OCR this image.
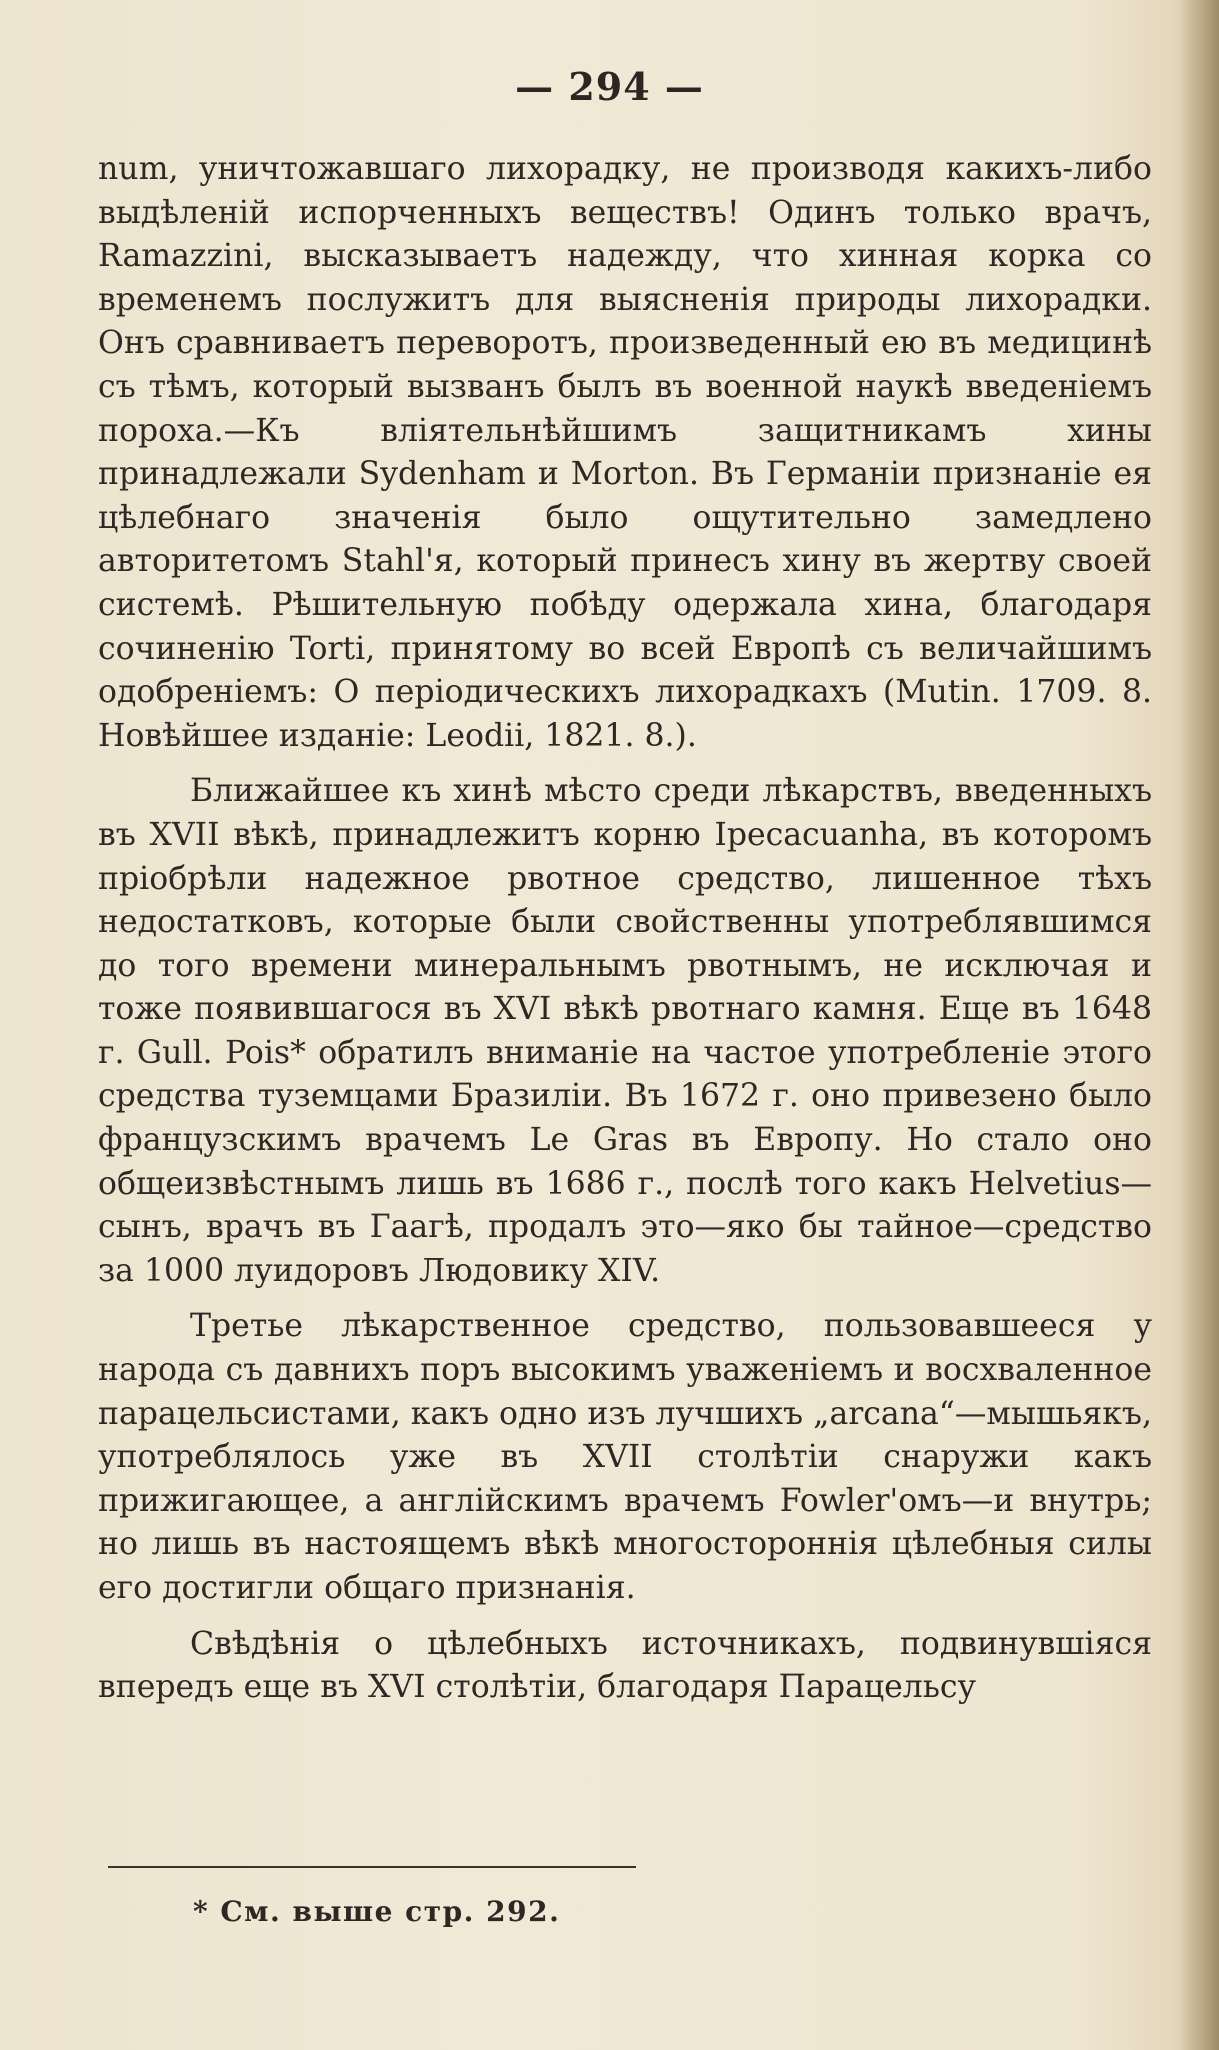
— 294 —

num, уничтожавшаго лихорадку, не производя какихъ-либо выдѣленій испорченныхъ веществъ! Одинъ только врачъ, Ramazzini, высказываетъ надежду, что хинная корка со временемъ послужитъ для выясненія природы лихорадки. Онъ сравниваетъ переворотъ, произведенный ею въ медицинѣ съ тѣмъ, который вызванъ былъ въ военной наукѣ введеніемъ пороха.—Къ вліятельнѣйшимъ защитникамъ хины принадлежали Sydenham и Morton. Въ Германіи признаніе ея цѣлебнаго значенія было ощутительно замедлено авторитетомъ Stahl'я, который принесъ хину въ жертву своей системѣ. Рѣшительную побѣду одержала хина, благодаря сочиненію Torti, принятому во всей Европѣ съ величайшимъ одобреніемъ: О періодическихъ лихорадкахъ (Mutin. 1709. 8. Новѣйшее изданіе: Leodii, 1821. 8.).

Ближайшее къ хинѣ мѣсто среди лѣкарствъ, введенныхъ въ XVII вѣкѣ, принадлежитъ корню Ipecacuanha, въ которомъ пріобрѣли надежное рвотное средство, лишенное тѣхъ недостатковъ, которые были свойственны употреблявшимся до того времени минеральнымъ рвотнымъ, не исключая и тоже появившагося въ XVI вѣкѣ рвотнаго камня. Еще въ 1648 г. Gull. Pois* обратилъ вниманіе на частое употребленіе этого средства туземцами Бразиліи. Въ 1672 г. оно привезено было французскимъ врачемъ Le Gras въ Европу. Но стало оно общеизвѣстнымъ лишь въ 1686 г., послѣ того какъ Helvetius—сынъ, врачъ въ Гаагѣ, продалъ это—яко бы тайное—средство за 1000 луидоровъ Людовику XIV.

Третье лѣкарственное средство, пользовавшееся у народа съ давнихъ поръ высокимъ уваженіемъ и восхваленное парацельсистами, какъ одно изъ лучшихъ „arcana“—мышьякъ, употреблялось уже въ XVII столѣтіи снаружи какъ прижигающее, а англійскимъ врачемъ Fowler'омъ—и внутрь; но лишь въ настоящемъ вѣкѣ многостороннія цѣлебныя силы его достигли общаго признанія.

Свѣдѣнія о цѣлебныхъ источникахъ, подвинувшіяся впередъ еще въ XVI столѣтіи, благодаря Парацельсу

* См. выше стр. 292.
